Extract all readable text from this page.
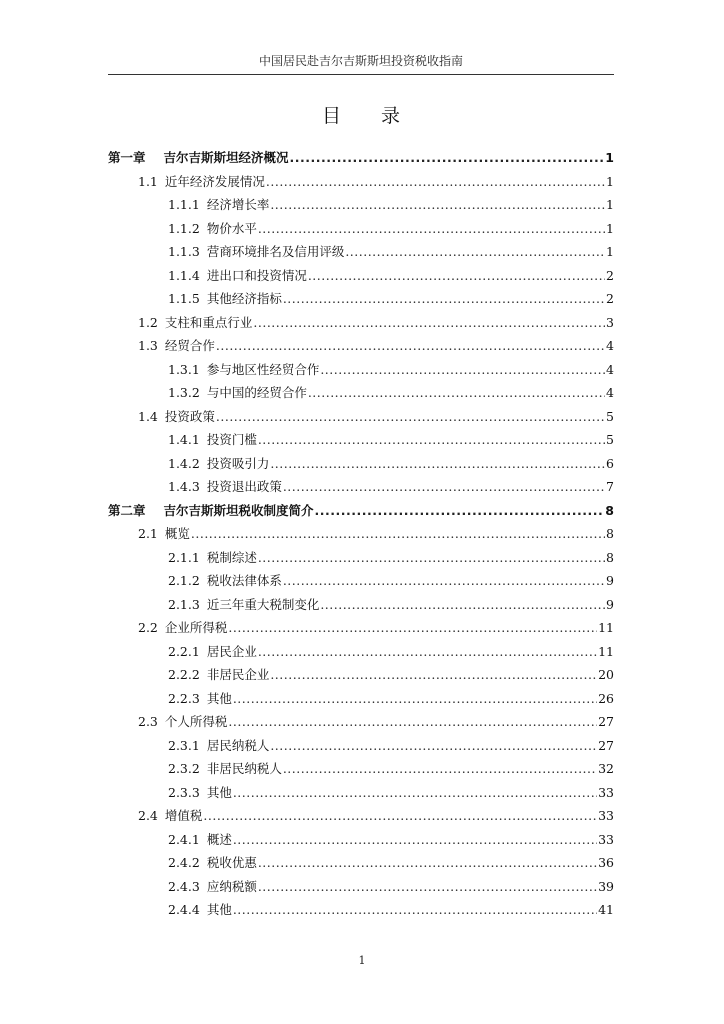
中国居民赴吉尔吉斯斯坦投资税收指南
目录
第一章 吉尔吉斯斯坦经济概况 .....	1
1.1 近年经济发展情况 .....	1
1.1.1 经济增长率 .....	1
1.1.2 物价水平 .....	1
1.1.3 营商环境排名及信用评级 .....	1
1.1.4 进出口和投资情况 .....	2
1.1.5 其他经济指标 .....	2
1.2 支柱和重点行业 .....	3
1.3 经贸合作 .....	4
1.3.1 参与地区性经贸合作 .....	4
1.3.2 与中国的经贸合作 .....	4
1.4 投资政策 .....	5
1.4.1 投资门槛 .....	5
1.4.2 投资吸引力 .....	6
1.4.3 投资退出政策 .....	7
第二章 吉尔吉斯斯坦税收制度简介 .....	8
2.1 概览 .....	8
2.1.1 税制综述 .....	8
2.1.2 税收法律体系 .....	9
2.1.3 近三年重大税制变化 .....	9
2.2 企业所得税 .....	11
2.2.1 居民企业 .....	11
2.2.2 非居民企业 .....	20
2.2.3 其他 .....	26
2.3 个人所得税 .....	27
2.3.1 居民纳税人 .....	27
2.3.2 非居民纳税人 .....	32
2.3.3 其他 .....	33
2.4 增值税 .....	33
2.4.1 概述 .....	33
2.4.2 税收优惠 .....	36
2.4.3 应纳税额 .....	39
2.4.4 其他 .....	41
1
